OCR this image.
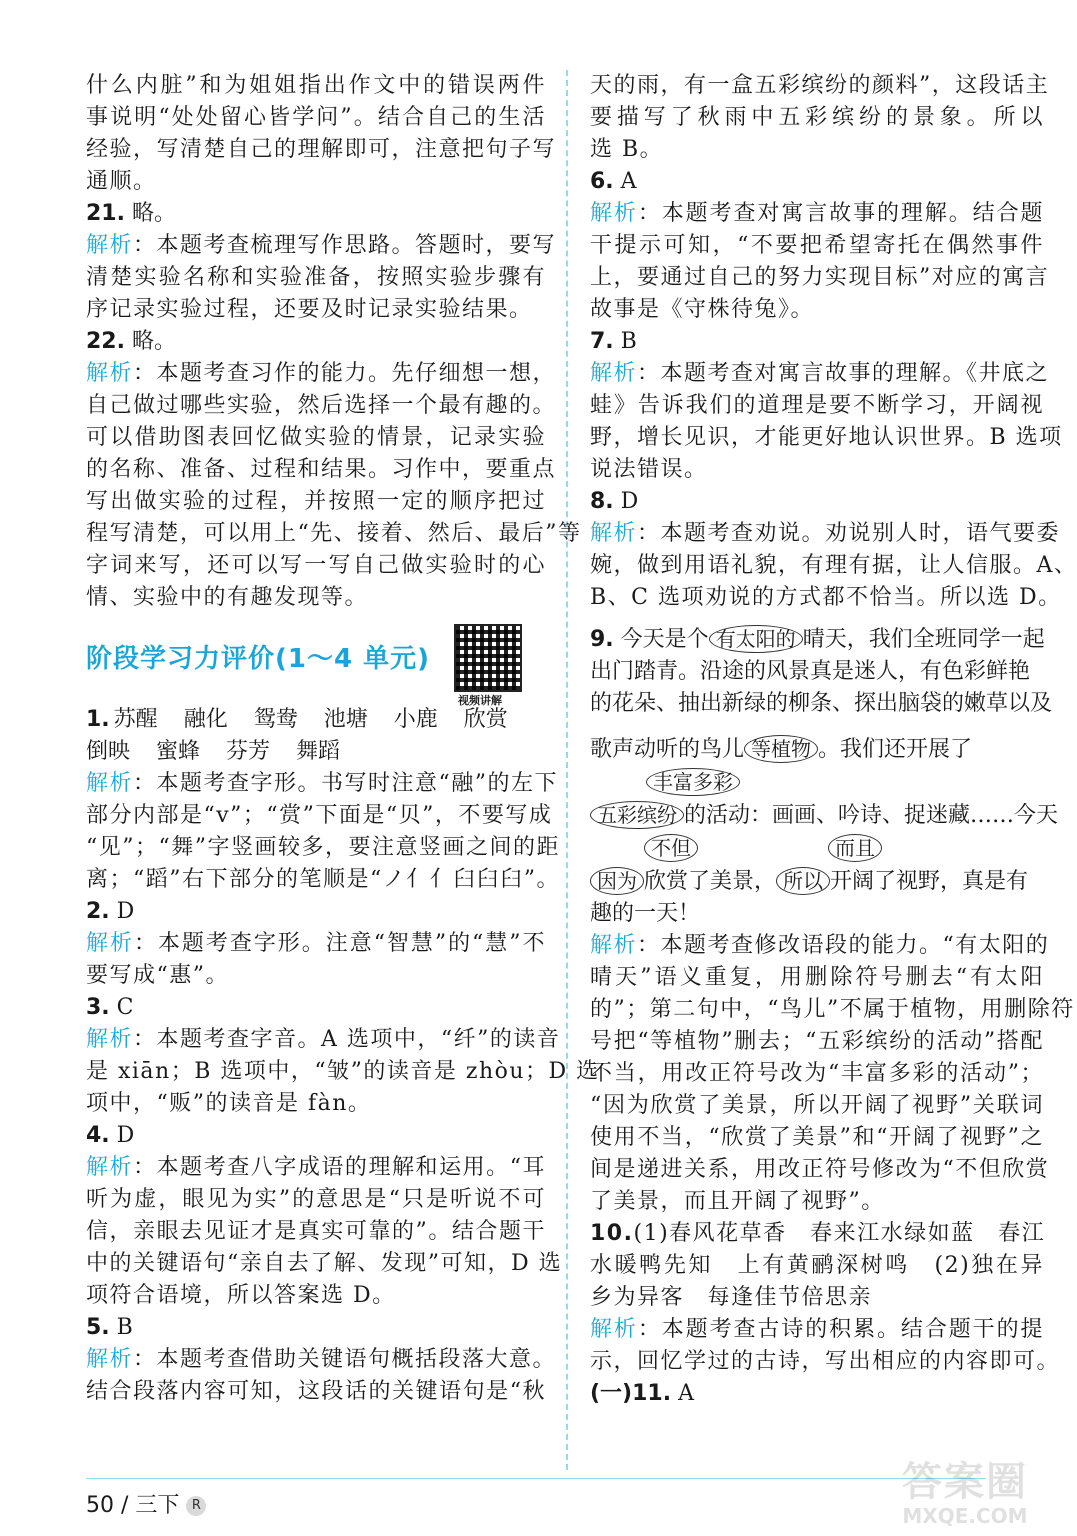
什么内脏”和为姐姐指出作文中的错误两件
事说明“处处留心皆学问”。结合自己的生活
经验，写清楚自己的理解即可，注意把句子写
通顺。
21. 略。
解析：本题考查梳理写作思路。答题时，要写
清楚实验名称和实验准备，按照实验步骤有
序记录实验过程，还要及时记录实验结果。
22. 略。
解析：本题考查习作的能力。先仔细想一想，
自己做过哪些实验，然后选择一个最有趣的。
可以借助图表回忆做实验的情景，记录实验
的名称、准备、过程和结果。习作中，要重点
写出做实验的过程，并按照一定的顺序把过
程写清楚，可以用上“先、接着、然后、最后”等
字词来写，还可以写一写自己做实验时的心
情、实验中的有趣发现等。
阶段学习力评价(1～4 单元)
视频讲解
1. 苏醒 融化 鸳鸯 池塘 小鹿 欣赏
倒映 蜜蜂 芬芳 舞蹈
解析：本题考查字形。书写时注意“融”的左下
部分内部是“ⅴ”；“赏”下面是“贝”，不要写成
“见”；“舞”字竖画较多，要注意竖画之间的距
离；“蹈”右下部分的笔顺是“ノ亻亻臼臼臼”。
2. D
解析：本题考查字形。注意“智慧”的“慧”不
要写成“惠”。
3. C
解析：本题考查字音。A 选项中，“纤”的读音
是 xiān；B 选项中，“皱”的读音是 zhòu；D 选
项中，“贩”的读音是 fàn。
4. D
解析：本题考查八字成语的理解和运用。“耳
听为虚，眼见为实”的意思是“只是听说不可
信，亲眼去见证才是真实可靠的”。结合题干
中的关键语句“亲自去了解、发现”可知，D 选
项符合语境，所以答案选 D。
5. B
解析：本题考查借助关键语句概括段落大意。
结合段落内容可知，这段话的关键语句是“秋
天的雨，有一盒五彩缤纷的颜料”，这段话主
要描写了秋雨中五彩缤纷的景象。所以
选 B。
6. A
解析：本题考查对寓言故事的理解。结合题
干提示可知，“不要把希望寄托在偶然事件
上，要通过自己的努力实现目标”对应的寓言
故事是《守株待兔》。
7. B
解析：本题考查对寓言故事的理解。《井底之
蛙》告诉我们的道理是要不断学习，开阔视
野，增长见识，才能更好地认识世界。B 选项
说法错误。
8. D
解析：本题考查劝说。劝说别人时，语气要委
婉，做到用语礼貌，有理有据，让人信服。A、
B、C 选项劝说的方式都不恰当。所以选 D。
9. 今天是个 有太阳的 晴天，我们全班同学一起
出门踏青。沿途的风景真是迷人，有色彩鲜艳
的花朵、抽出新绿的柳条、探出脑袋的嫩草以及
歌声动听的鸟儿 等植物 。我们还开展了
丰富多彩
五彩缤纷 的活动：画画、吟诗、捉迷藏……今天
不但	而且
因为 欣赏了美景， 所以 开阔了视野，真是有
趣的一天！
解析：本题考查修改语段的能力。“有太阳的
晴天”语义重复，用删除符号删去“有太阳
的”；第二句中，“鸟儿”不属于植物，用删除符
号把“等植物”删去；“五彩缤纷的活动”搭配
不当，用改正符号改为“丰富多彩的活动”；
“因为欣赏了美景，所以开阔了视野”关联词
使用不当，“欣赏了美景”和“开阔了视野”之
间是递进关系，用改正符号修改为“不但欣赏
了美景，而且开阔了视野”。
10.(1)春风花草香　春来江水绿如蓝　春江
水暖鸭先知　上有黄鹂深树鸣　(2)独在异
乡为异客　每逢佳节倍思亲
解析：本题考查古诗的积累。结合题干的提
示，回忆学过的古诗，写出相应的内容即可。
(一)11. A
50 / 三下 R
答案圈
MXQE.COM
